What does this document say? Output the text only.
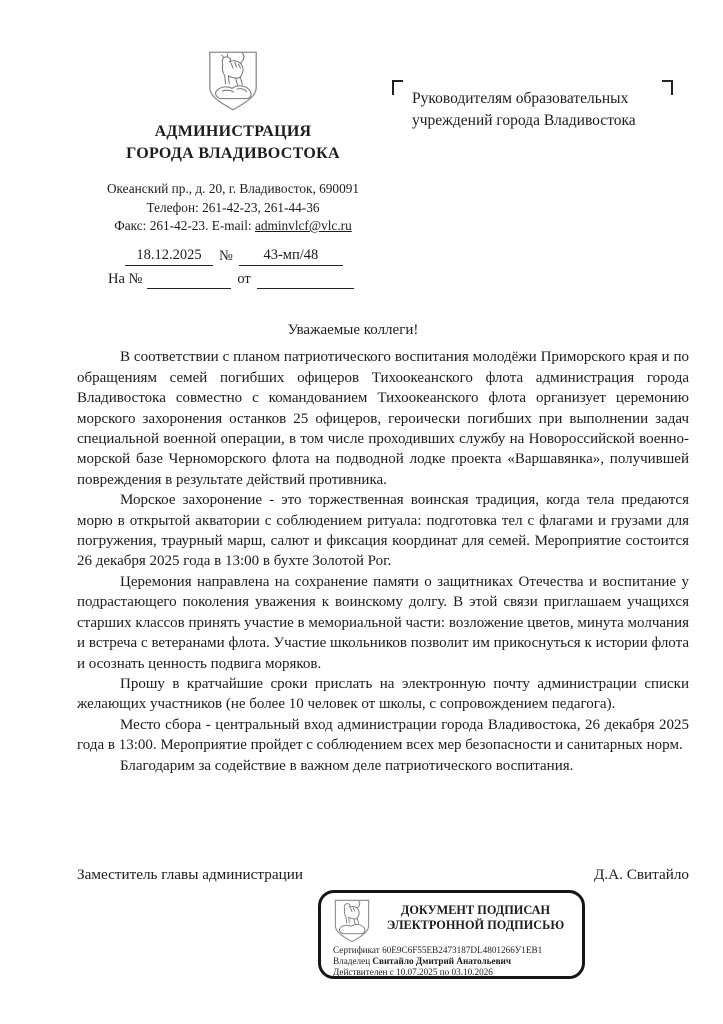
АДМИНИСТРАЦИЯ
ГОРОДА ВЛАДИВОСТОКА
Океанский пр., д. 20, г. Владивосток, 690091
Телефон: 261-42-23, 261-44-36
Факс: 261-42-23. E-mail: adminvlcf@vlc.ru
Руководителям образовательных
учреждений города Владивостока
18.12.2025 № 43-мп/48
На №	от
Уважаемые коллеги!

В соответствии с планом патриотического воспитания молодёжи Приморского края и по обращениям семей погибших офицеров Тихоокеанского флота администрация города Владивостока совместно с командованием Тихоокеанского флота организует церемонию морского захоронения останков 25 офицеров, героически погибших при выполнении задач специальной военной операции, в том числе проходивших службу на Новороссийской военно-морской базе Черноморского флота на подводной лодке проекта «Варшавянка», получившей повреждения в результате действий противника.

Морское захоронение - это торжественная воинская традиция, когда тела предаются морю в открытой акватории с соблюдением ритуала: подготовка тел с флагами и грузами для погружения, траурный марш, салют и фиксация координат для семей. Мероприятие состоится 26 декабря 2025 года в 13:00 в бухте Золотой Рог.

Церемония направлена на сохранение памяти о защитниках Отечества и воспитание у подрастающего поколения уважения к воинскому долгу. В этой связи приглашаем учащихся старших классов принять участие в мемориальной части: возложение цветов, минута молчания и встреча с ветеранами флота. Участие школьников позволит им прикоснуться к истории флота и осознать ценность подвига моряков.

Прошу в кратчайшие сроки прислать на электронную почту администрации списки желающих участников (не более 10 человек от школы, с сопровождением педагога).

Место сбора - центральный вход администрации города Владивостока, 26 декабря 2025 года в 13:00. Мероприятие пройдет с соблюдением всех мер безопасности и санитарных норм.

Благодарим за содействие в важном деле патриотического воспитания.

Заместитель главы администрации	Д.А. Свитайло
ДОКУМЕНТ ПОДПИСАН
ЭЛЕКТРОННОЙ ПОДПИСЬЮ
Сертификат 60E9C6F55EB2473187DL4801266У1EB1
Владелец Свитайло Дмитрий Анатольевич
Действителен с 10.07.2025 по 03.10.2026
